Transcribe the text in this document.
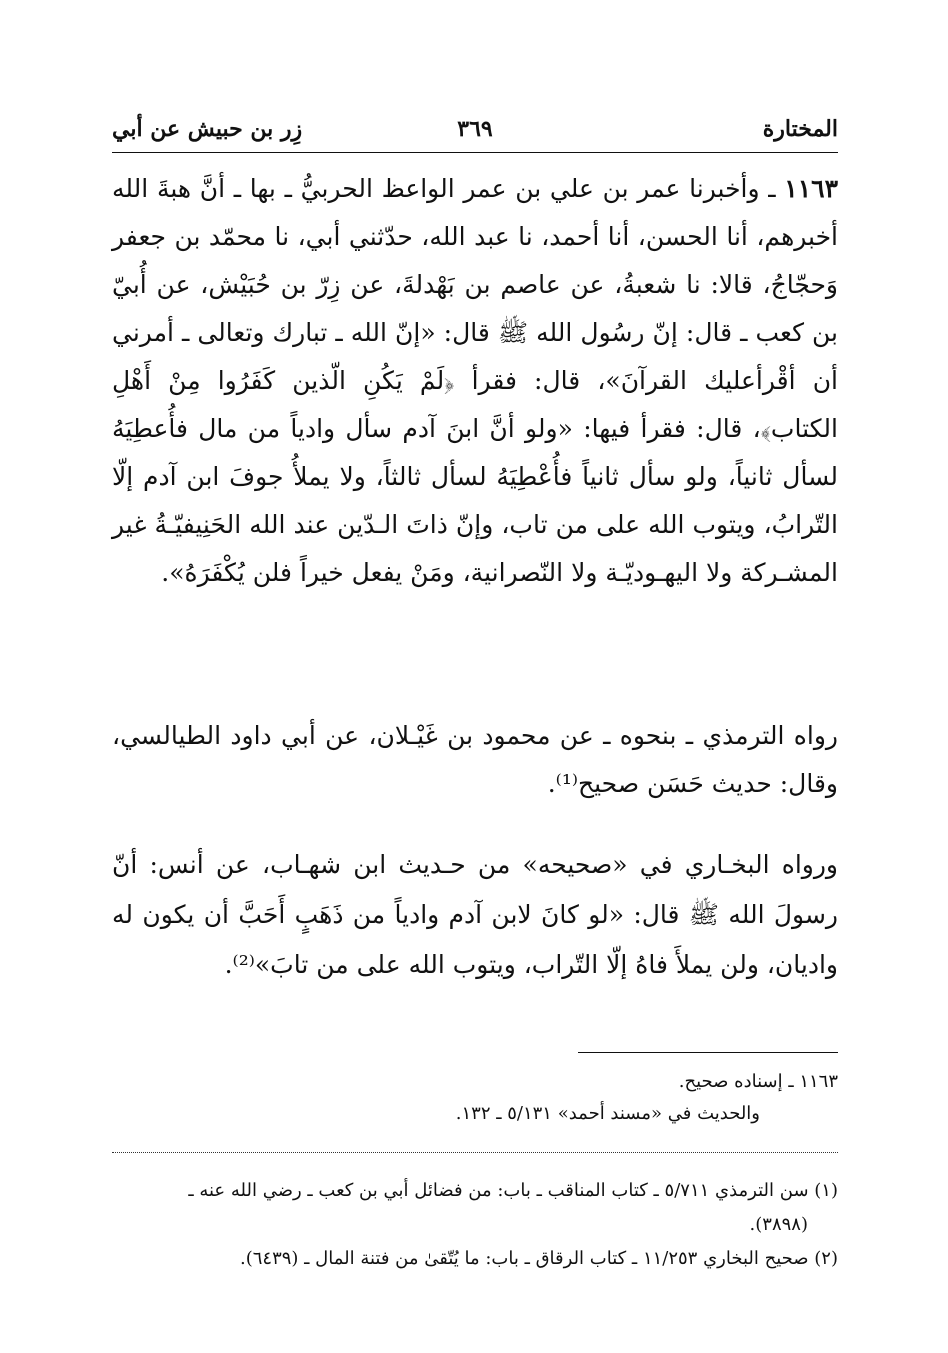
المختارة
٣٦٩
زِر بن حبيش عن أبي

١١٦٣ ـ وأخبرنا عمر بن علي بن عمر الواعظ الحربيُّ ـ بها ـ أنَّ هبةَ الله أخبرهم، أنا الحسن، أنا أحمد، نا عبد الله، حدّثني أبي، نا محمّد بن جعفر وَحجّاجُ، قالا: نا شعبةُ، عن عاصم بن بَهْدلةَ، عن زِرّ بن حُبَيْش، عن أُبيّ بن كعب ـ قال: إنّ رسُول الله ﷺ قال: «إنّ الله ـ تبارك وتعالى ـ أمرني أن أقْرأعليك القرآنَ»، قال: فقرأ ﴿لَمْ يَكُنِ الّذين كَفَرُوا مِنْ أَهْلِ الكتاب﴾، قال: فقرأ فيها: «ولو أنَّ ابنَ آدم سأل وادياً من مال فأُعطِيَهُ لسأل ثانياً، ولو سأل ثانياً فأُعْطِيَهُ لسأل ثالثاً، ولا يملأُ جوفَ ابن آدم إلّا التّرابُ، ويتوب الله على من تاب، وإنّ ذاتَ الـدّين عند الله الحَنِيفيّـةُ غير المشـركة ولا اليهـوديّـة ولا النّصرانية، ومَنْ يفعل خيراً فلن يُكْفَرَهُ».

رواه الترمذي ـ بنحوه ـ عن محمود بن غَيْـلان، عن أبي داود الطيالسي، وقال: حديث حَسَن صحيح⁽¹⁾.

ورواه البخـاري في «صحيحه» من حـديث ابن شهـاب، عن أنس: أنّ رسولَ الله ﷺ قال: «لو كانَ لابن آدم وادياً من ذَهَبٍ أَحَبَّ أن يكون له واديان، ولن يملأَ فاهُ إلّا التّراب، ويتوب الله على من تابَ»⁽²⁾.

١١٦٣ ـ إسناده صحيح.

والحديث في «مسند أحمد» ٥/١٣١ ـ ١٣٢.

(١) سن الترمذي ٥/٧١١ ـ كتاب المناقب ـ باب: من فضائل أبي بن كعب ـ رضي الله عنه ـ

(٣٨٩٨).

(٢) صحيح البخاري ١١/٢٥٣ ـ كتاب الرقاق ـ باب: ما يُتّقىٰ من فتنة المال ـ (٦٤٣٩).
